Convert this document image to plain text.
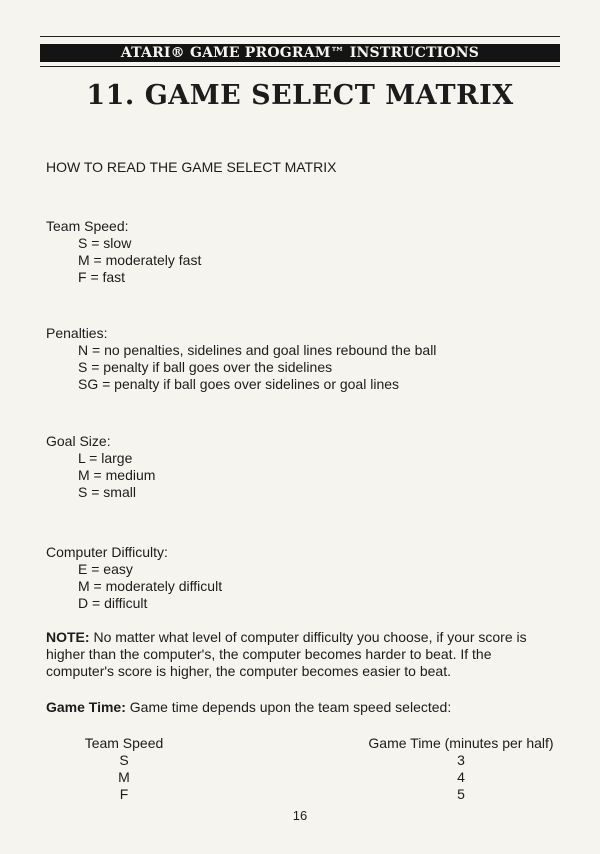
ATARI® GAME PROGRAM™ INSTRUCTIONS
11. GAME SELECT MATRIX
HOW TO READ THE GAME SELECT MATRIX
Team Speed:
S = slow
M = moderately fast
F = fast
Penalties:
N = no penalties, sidelines and goal lines rebound the ball
S = penalty if ball goes over the sidelines
SG = penalty if ball goes over sidelines or goal lines
Goal Size:
L = large
M = medium
S = small
Computer Difficulty:
E = easy
M = moderately difficult
D = difficult
NOTE: No matter what level of computer difficulty you choose, if your score is higher than the computer's, the computer becomes harder to beat. If the computer's score is higher, the computer becomes easier to beat.
Game Time: Game time depends upon the team speed selected:
Team Speed	Game Time (minutes per half)
S	3
M	4
F	5
16
